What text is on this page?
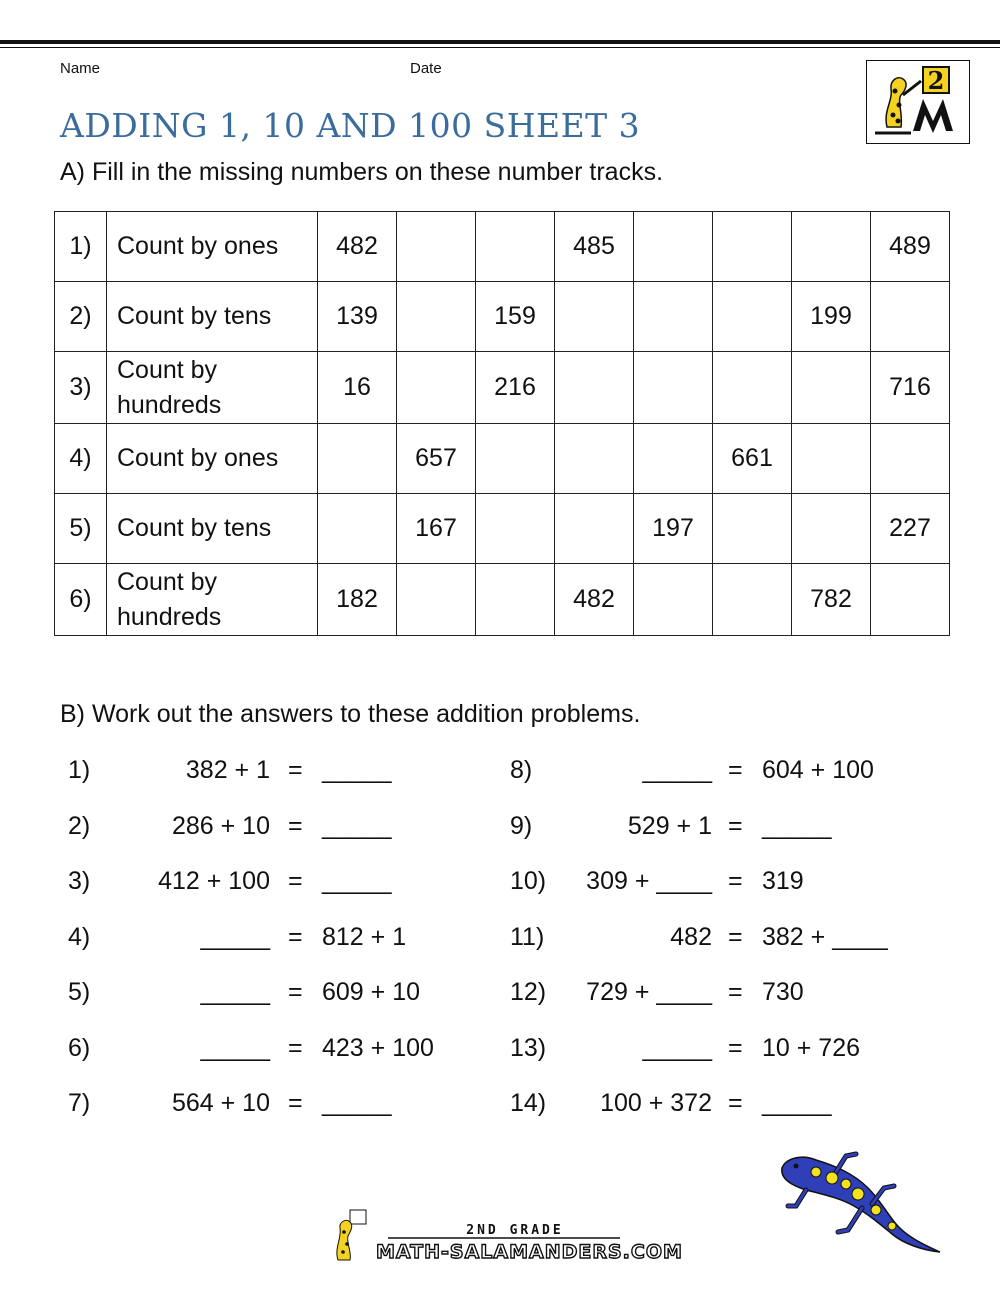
Name	Date	2
ADDING 1, 10 AND 100 SHEET 3

A) Fill in the missing numbers on these number tracks.

1)	Count by ones	482			485				489
2)	Count by tens	139		159				199	
3)	Count by hundreds	16		216					716
4)	Count by ones		657				661		
5)	Count by tens		167			197			227
6)	Count by hundreds	182			482			782	

B) Work out the answers to these addition problems.

1)	382 + 1 = _____
2)	286 + 10 = _____
3)	412 + 100 = _____
4)	_____ = 812 + 1
5)	_____ = 609 + 10
6)	_____ = 423 + 100
7)	564 + 10 = _____
8)	_____ = 604 + 100
9)	529 + 1 = _____
10) 309 + ____ = 319
11)	482 = 382 + ____
12) 729 + ____ = 730
13)	_____ = 10 + 726
14) 100 + 372 = _____
2ND GRADE
MATH-SALAMANDERS.COM
